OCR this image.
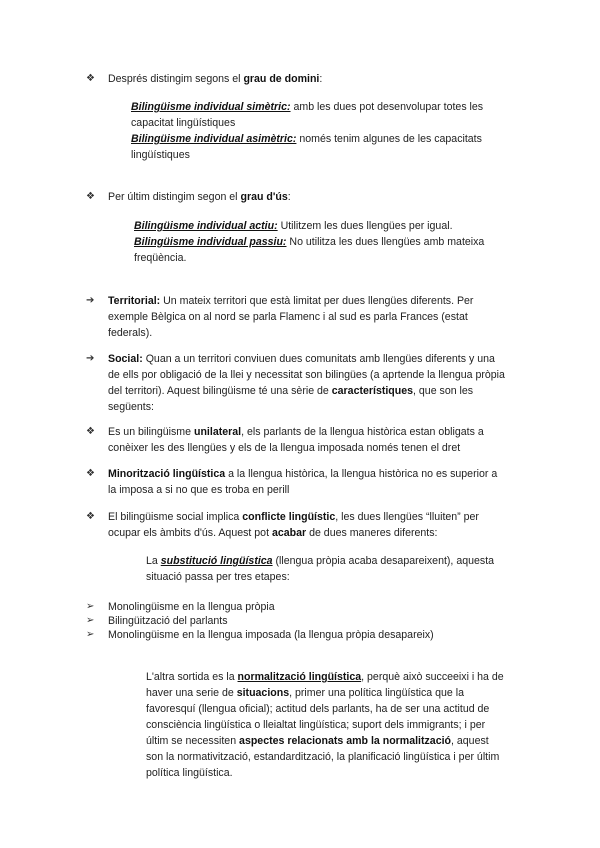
❖	Després distingim segons el grau de domini:
Bilingüisme individual simètric: amb les dues pot desenvolupar totes les
capacitat lingüístiques
Bilingüisme individual asimètric: només tenim algunes de les capacitats
lingüístiques
❖	Per últim distingim segon el grau d'ús:
Bilingüisme individual actiu: Utilitzem les dues llengües per igual.
Bilingüisme individual passiu: No utilitza les dues llengües amb mateixa
freqüència.
➔	Territorial: Un mateix territori que està limitat per dues llengües diferents. Per
exemple Bèlgica on al nord se parla Flamenc i al sud es parla Frances (estat
federals).
➔	Social: Quan a un territori conviuen dues comunitats amb llengües diferents y una
de ells por obligació de la llei y necessitat son bilingües (a aprtende la llengua pròpia
del territori). Aquest bilingüisme té una sèrie de característiques, que son les
següents:
❖	Es un bilingüisme unilateral, els parlants de la llengua històrica estan obligats a
conèixer les des llengües y els de la llengua imposada només tenen el dret
❖	Minorització lingüística a la llengua històrica, la llengua històrica no es superior a
la imposa a si no que es troba en perill
❖	El bilingüisme social implica conflicte lingüístic, les dues llengües “lluiten” per
ocupar els àmbits d'ús. Aquest pot acabar de dues maneres diferents:
La substitució lingüística (llengua pròpia acaba desapareixent), aquesta
situació passa per tres etapes:
➢	Monolingüisme en la llengua pròpia
➢	Bilingüització del parlants
➢	Monolingüisme en la llengua imposada (la llengua pròpia desapareix)
L'altra sortida es la normalització lingüística, perquè això succeeixi i ha de
haver una serie de situacions, primer una política lingüística que la
favoresquí (llengua oficial); actitud dels parlants, ha de ser una actitud de
consciència lingüística o lleialtat lingüística; suport dels immigrants; i per
últim se necessiten aspectes relacionats amb la normalització, aquest
son la normativització, estandardització, la planificació lingüística i per últim
política lingüística.
